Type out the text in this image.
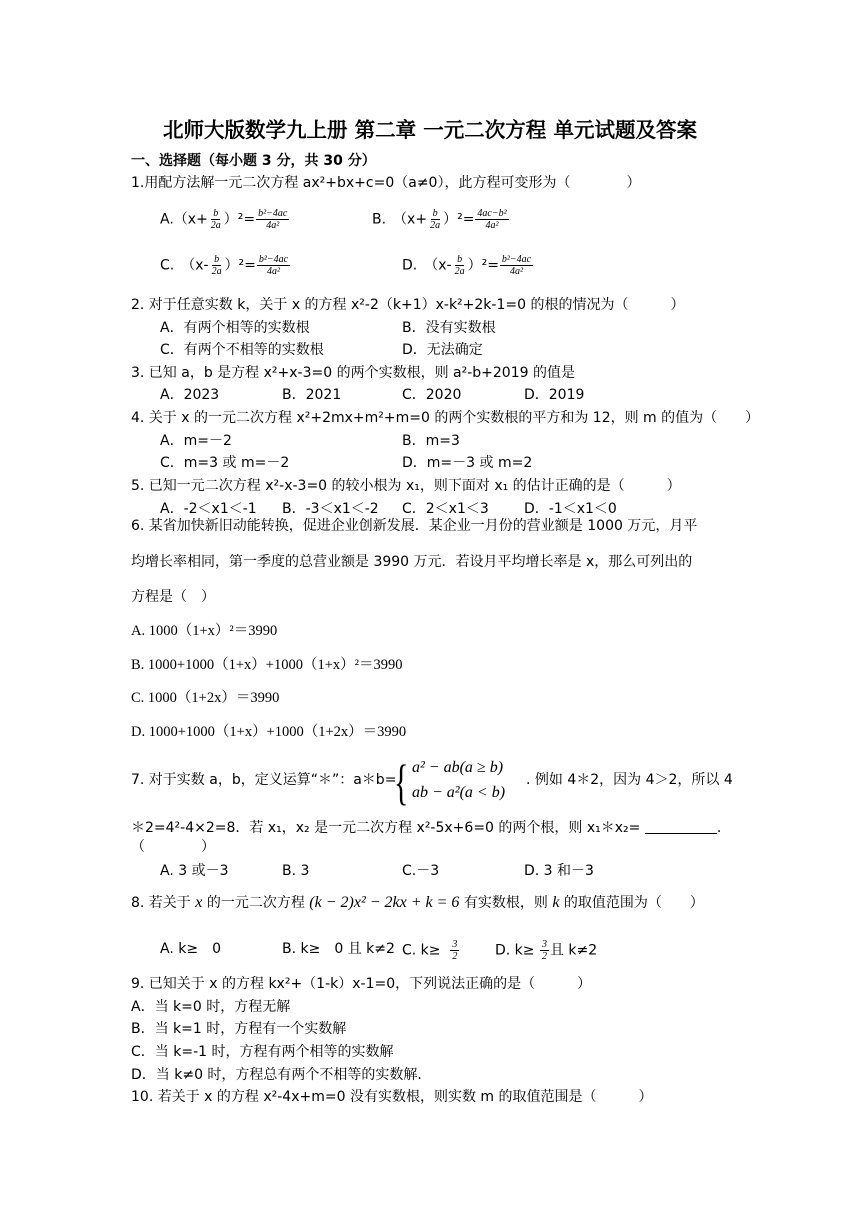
北师大版数学九上册 第二章 一元二次方程 单元试题及答案
一、选择题（每小题 3 分，共 30 分）
1.用配方法解一元二次方程 ax²+bx+c=0（a≠0），此方程可变形为（　　　　）
$A.(x+ \frac{b}{2a} )^2= \frac{\text{b²−4ac}}{\text{4a²}}$	B.　$(x+ \frac{b}{2a} )^2= \frac{\text{4ac−b²}}{\text{4a²}}$
C.　$(x- \frac{b}{2a} )^2= \frac{\text{b²−4ac}}{\text{4a²}}$	D.　$(x- \frac{b}{2a} )^2= \frac{\text{b²−4ac}}{\text{4a²}}$
2. 对于任意实数 k，关于 x 的方程 x²-2（k+1）x-k²+2k-1=0 的根的情况为（　　　）
A．有两个相等的实数根	B．没有实数根
C．有两个不相等的实数根	D．无法确定
3. 已知 a，b 是方程 x²+x-3=0 的两个实数根，则 a²-b+2019 的值是
A．2023	B．2021	C．2020	D．2019
4. 关于 x 的一元二次方程 x²+2mx+m²+m=0 的两个实数根的平方和为 12，则 m 的值为（　　）
A．m=－2	B．m=3
C．m=3 或 m=－2	D．m=－3 或 m=2
5. 已知一元二次方程 x²-x-3=0 的较小根为 x₁，则下面对 x₁ 的估计正确的是（　　　）
A．-2＜x1＜-1 B．-3＜x1＜-2 C．2＜x1＜3	D．-1＜x1＜0
6. 某省加快新旧动能转换，促进企业创新发展．某企业一月份的营业额是 1000 万元，月平
均增长率相同，第一季度的总营业额是 3990 万元．若设月平均增长率是 x，那么可列出的
方程是（　）
A. 1000（1+x）²＝3990
B. 1000+1000（1+x）+1000（1+x）²＝3990
C. 1000（1+2x）＝3990
D. 1000+1000（1+x）+1000（1+2x）＝3990
7. 对于实数 a，b，定义运算“＊”：a＊b=
{ a² − ab(a ≥ b)
ab − a²(a < b)
. 例如 4＊2，因为 4＞2，所以 4
＊2=4²-4×2=8．若 x₁，x₂ 是一元二次方程 x²-5x+6=0 的两个根，则 x₁＊x₂=	.
（　　　　）
A. 3 或－3	B. 3	C.－3	D. 3 和－3
8. 若关于 x 的一元二次方程 (k − 2)x² − 2kx + k = 6 有实数根，则 k 的取值范围为（　　）
A. k≥　0	B. k≥　0 且 k≠2 C. $k\ge \frac{3}{2}$	D. $k\ge \frac{3}{2}$ 且 k≠2
9. 已知关于 x 的方程 kx²+（1-k）x-1=0，下列说法正确的是（　　　）
A．当 k=0 时，方程无解
B．当 k=1 时，方程有一个实数解
C．当 k=-1 时，方程有两个相等的实数解
D．当 k≠0 时，方程总有两个不相等的实数解．
10. 若关于 x 的方程 x²-4x+m=0 没有实数根，则实数 m 的取值范围是（　　　）
